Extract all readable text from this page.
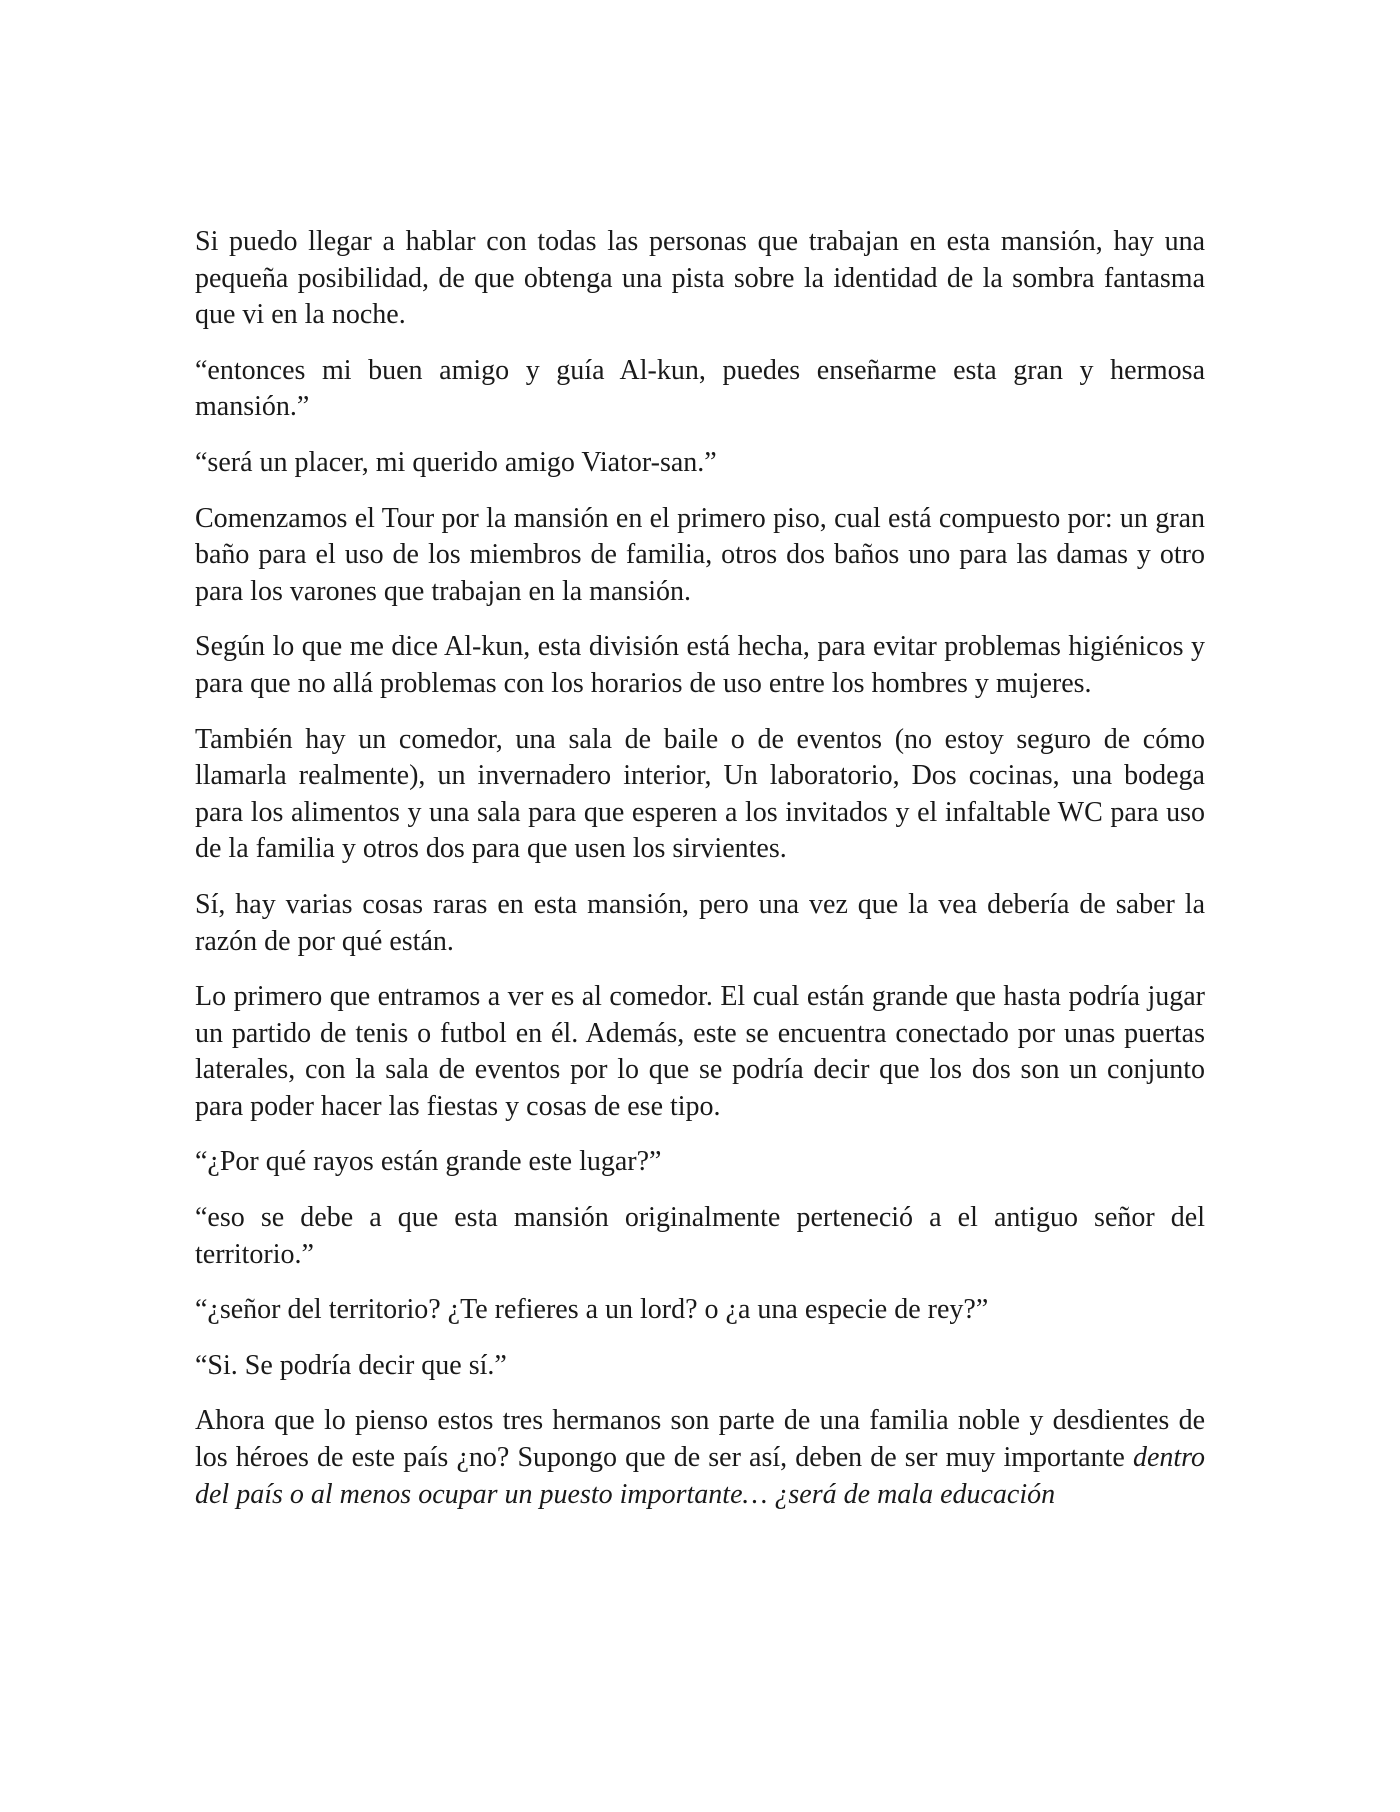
Si puedo llegar a hablar con todas las personas que trabajan en esta mansión, hay una pequeña posibilidad, de que obtenga una pista sobre la identidad de la sombra fantasma que vi en la noche.

“entonces mi buen amigo y guía Al-kun, puedes enseñarme esta gran y hermosa mansión.”

“será un placer, mi querido amigo Viator-san.”

Comenzamos el Tour por la mansión en el primero piso, cual está compuesto por: un gran baño para el uso de los miembros de familia, otros dos baños uno para las damas y otro para los varones que trabajan en la mansión.

Según lo que me dice Al-kun, esta división está hecha, para evitar problemas higiénicos y para que no allá problemas con los horarios de uso entre los hombres y mujeres.

También hay un comedor, una sala de baile o de eventos (no estoy seguro de cómo llamarla realmente), un invernadero interior, Un laboratorio, Dos cocinas, una bodega para los alimentos y una sala para que esperen a los invitados y el infaltable WC para uso de la familia y otros dos para que usen los sirvientes.

Sí, hay varias cosas raras en esta mansión, pero una vez que la vea debería de saber la razón de por qué están.

Lo primero que entramos a ver es al comedor. El cual están grande que hasta podría jugar un partido de tenis o futbol en él. Además, este se encuentra conectado por unas puertas laterales, con la sala de eventos por lo que se podría decir que los dos son un conjunto para poder hacer las fiestas y cosas de ese tipo.

“¿Por qué rayos están grande este lugar?”

“eso se debe a que esta mansión originalmente perteneció a el antiguo señor del territorio.”

“¿señor del territorio? ¿Te refieres a un lord? o ¿a una especie de rey?”

“Si. Se podría decir que sí.”

Ahora que lo pienso estos tres hermanos son parte de una familia noble y desdientes de los héroes de este país ¿no? Supongo que de ser así, deben de ser muy importante dentro del país o al menos ocupar un puesto importante… ¿será de mala educación
